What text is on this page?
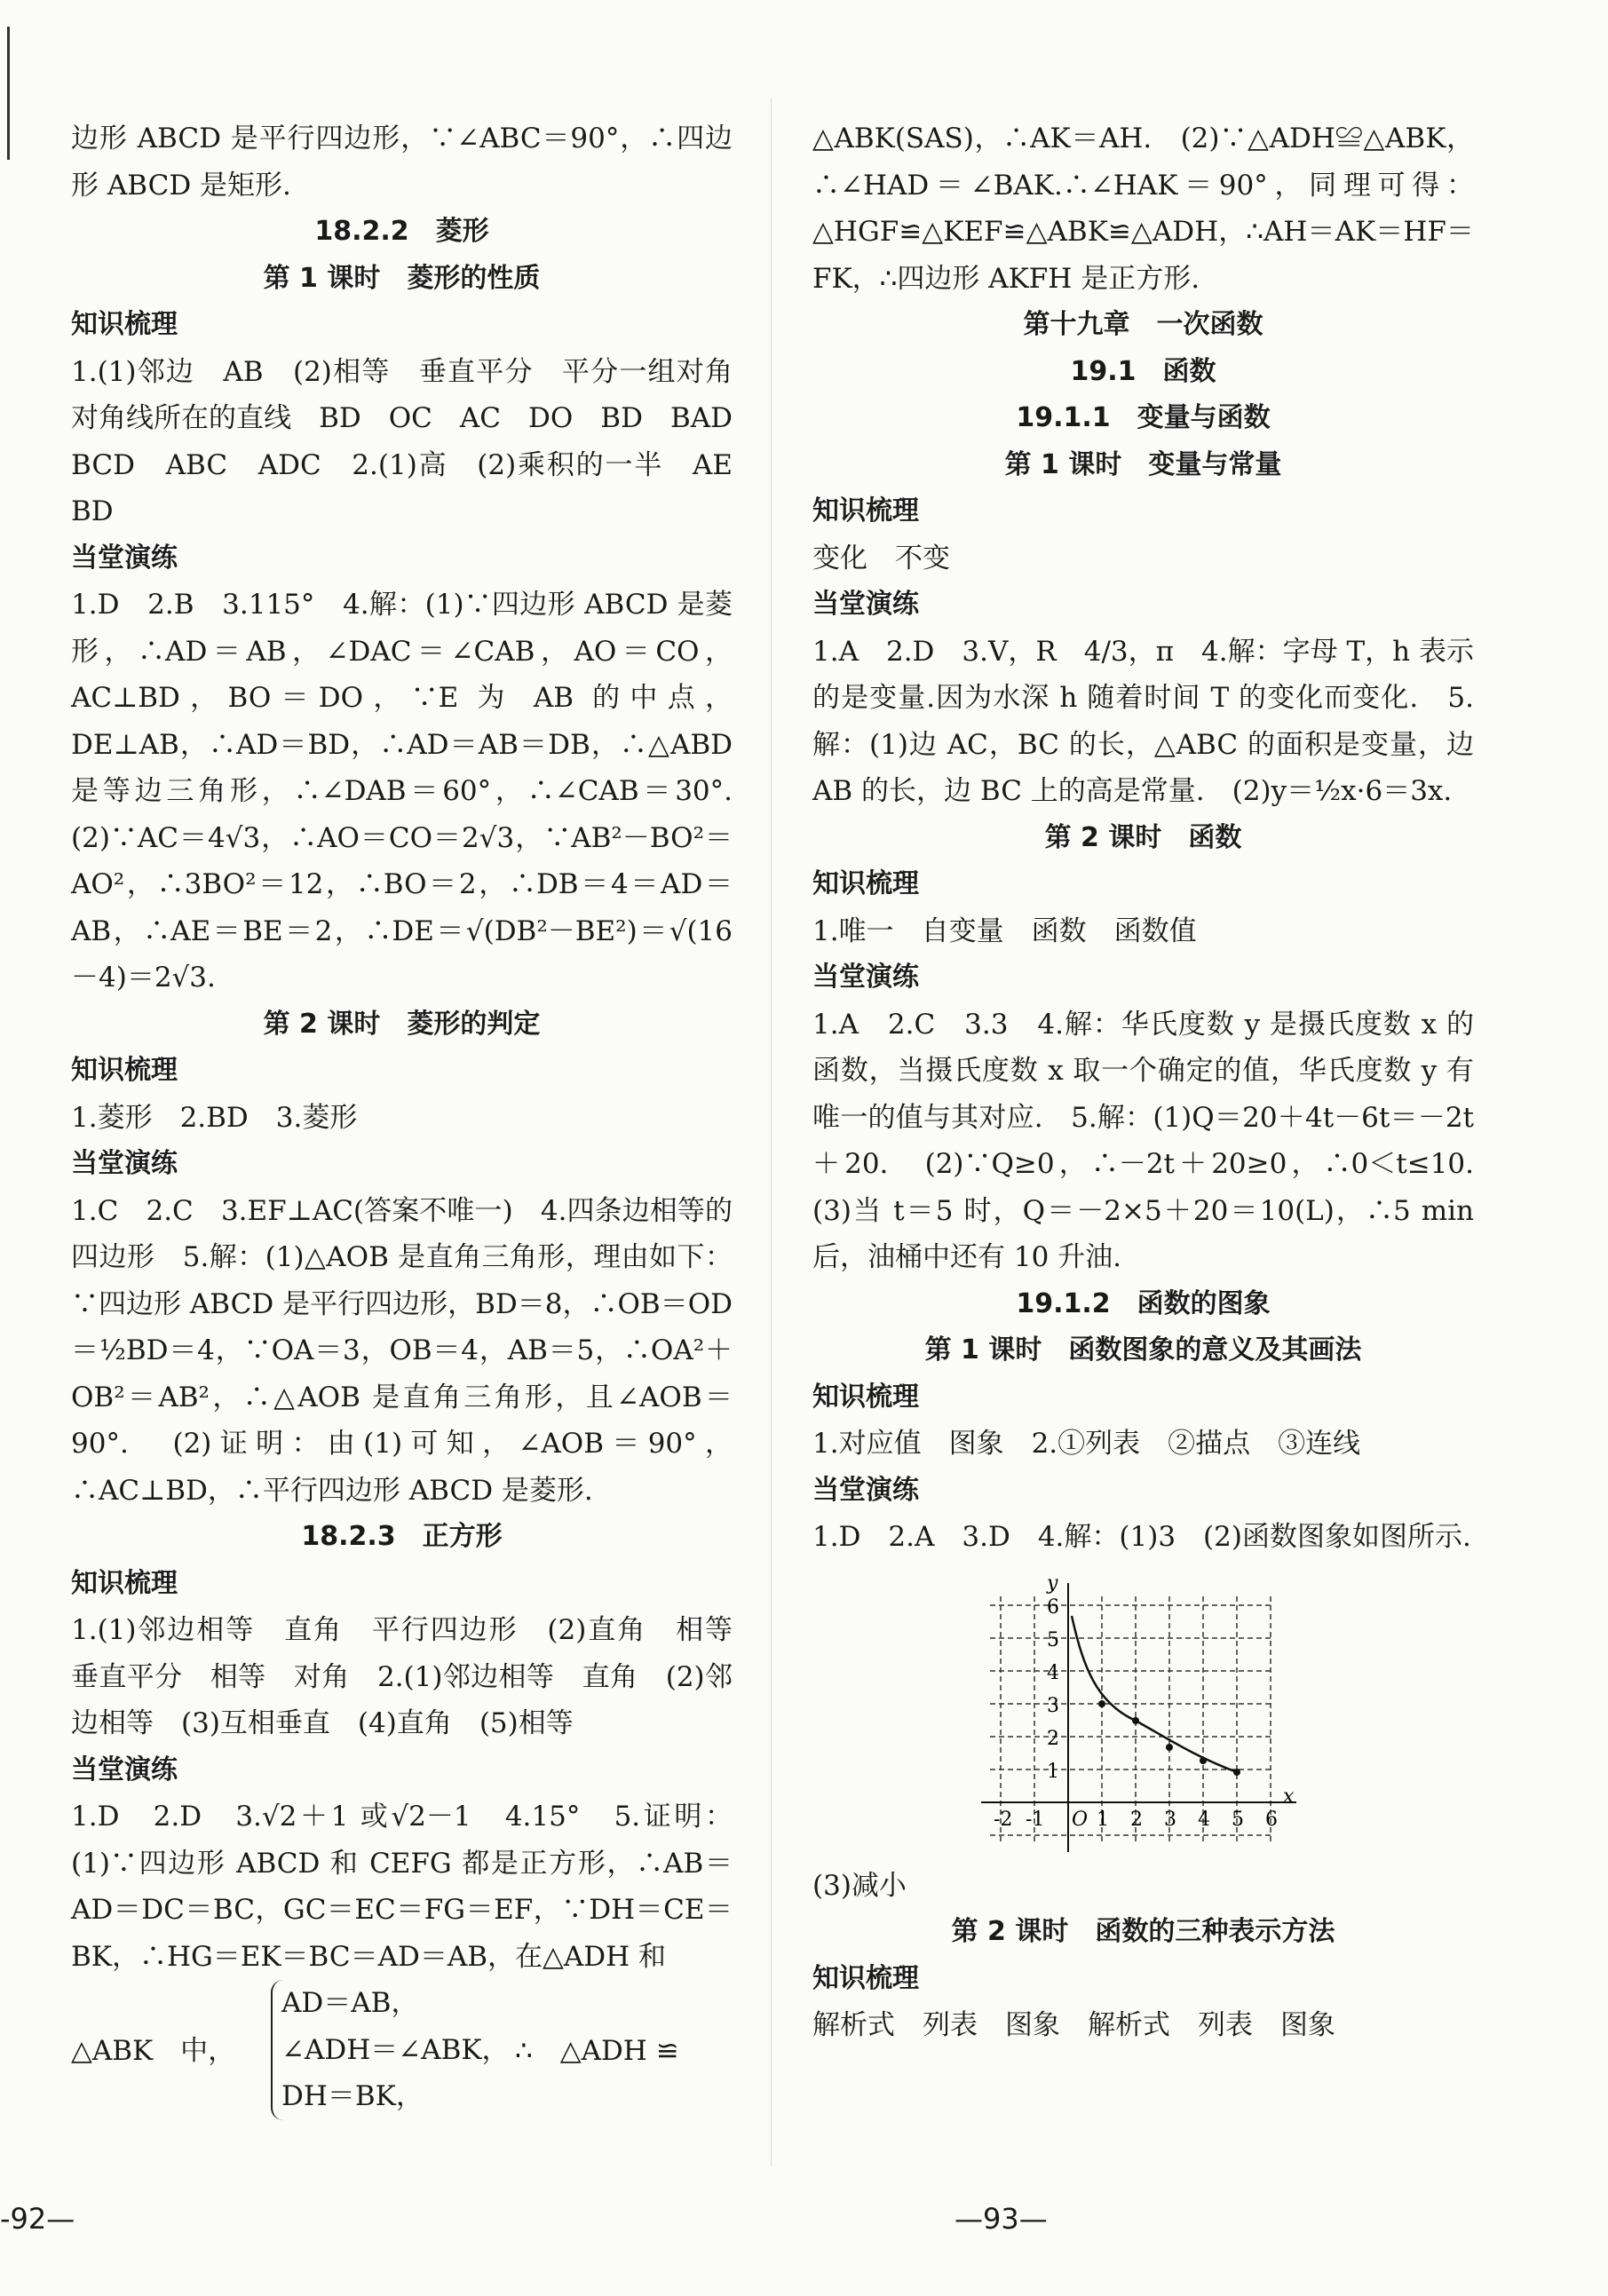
边形 ABCD 是平行四边形，∵∠ABC＝90°，∴四边形 ABCD 是矩形.

18.2.2　菱形

第 1 课时　菱形的性质

知识梳理

1.(1)邻边　AB　(2)相等　垂直平分　平分一组对角　对角线所在的直线　BD　OC　AC　DO　BD　BAD　BCD　ABC　ADC　2.(1)高　(2)乘积的一半　AE　BD

当堂演练

1.D　2.B　3.115°　4.解：(1)∵四边形 ABCD 是菱形，∴AD＝AB，∠DAC＝∠CAB，AO＝CO，AC⊥BD，BO＝DO，∵E 为 AB 的中点，DE⊥AB，∴AD＝BD，∴AD＝AB＝DB，∴△ABD 是等边三角形，∴∠DAB＝60°，∴∠CAB＝30°.　(2)∵AC＝4√3，∴AO＝CO＝2√3，∵AB²－BO²＝AO²，∴3BO²＝12，∴BO＝2，∴DB＝4＝AD＝AB，∴AE＝BE＝2，∴DE＝√(DB²－BE²)＝√(16－4)＝2√3.

第 2 课时　菱形的判定

知识梳理

1.菱形　2.BD　3.菱形

当堂演练

1.C　2.C　3.EF⊥AC(答案不唯一)　4.四条边相等的四边形　5.解：(1)△AOB 是直角三角形，理由如下：∵四边形 ABCD 是平行四边形，BD＝8，∴OB＝OD＝½BD＝4，∵OA＝3，OB＝4，AB＝5，∴OA²＋OB²＝AB²，∴△AOB 是直角三角形，且∠AOB＝90°.　(2)证明：由(1)可知，∠AOB＝90°，∴AC⊥BD，∴平行四边形 ABCD 是菱形.

18.2.3　正方形

知识梳理

1.(1)邻边相等　直角　平行四边形　(2)直角　相等　垂直平分　相等　对角　2.(1)邻边相等　直角　(2)邻边相等　(3)互相垂直　(4)直角　(5)相等

当堂演练

1.D　2.D　3.√2＋1 或√2－1　4.15°　5.证明：(1)∵四边形 ABCD 和 CEFG 都是正方形，∴AB＝AD＝DC＝BC，GC＝EC＝FG＝EF，∵DH＝CE＝BK，∴HG＝EK＝BC＝AD＝AB，在△ADH 和

△ABK　中，
AD＝AB，
∠ADH＝∠ABK，
DH＝BK，
∴　△ADH ≌

△ABK(SAS)，∴AK＝AH.　(2)∵△ADH≌△ABK，∴∠HAD＝∠BAK.∴∠HAK＝90°，同理可得：△HGF≌△KEF≌△ABK≌△ADH，∴AH＝AK＝HF＝FK，∴四边形 AKFH 是正方形.

第十九章　一次函数

19.1　函数

19.1.1　变量与函数

第 1 课时　变量与常量

知识梳理

变化　不变

当堂演练

1.A　2.D　3.V，R　4/3，π　4.解：字母 T，h 表示的是变量.因为水深 h 随着时间 T 的变化而变化.　5.解：(1)边 AC，BC 的长，△ABC 的面积是变量，边 AB 的长，边 BC 上的高是常量.　(2)y＝½x·6＝3x.

第 2 课时　函数

知识梳理

1.唯一　自变量　函数　函数值

当堂演练

1.A　2.C　3.3　4.解：华氏度数 y 是摄氏度数 x 的函数，当摄氏度数 x 取一个确定的值，华氏度数 y 有唯一的值与其对应.　5.解：(1)Q＝20＋4t－6t＝－2t＋20.　(2)∵Q≥0，∴－2t＋20≥0，∴0＜t≤10.　(3)当 t＝5 时，Q＝－2×5＋20＝10(L)，∴5 min后，油桶中还有 10 升油.

19.1.2　函数的图象

第 1 课时　函数图象的意义及其画法

知识梳理

1.对应值　图象　2.①列表　②描点　③连线

当堂演练

1.D　2.A　3.D　4.解：(1)3　(2)函数图象如图所示.

y
x
O
1
2
3
4
5
6
-2 -1	1 2 3 4 5 6

(3)减小

第 2 课时　函数的三种表示方法

知识梳理

解析式　列表　图象　解析式　列表　图象

-92—	—93—
